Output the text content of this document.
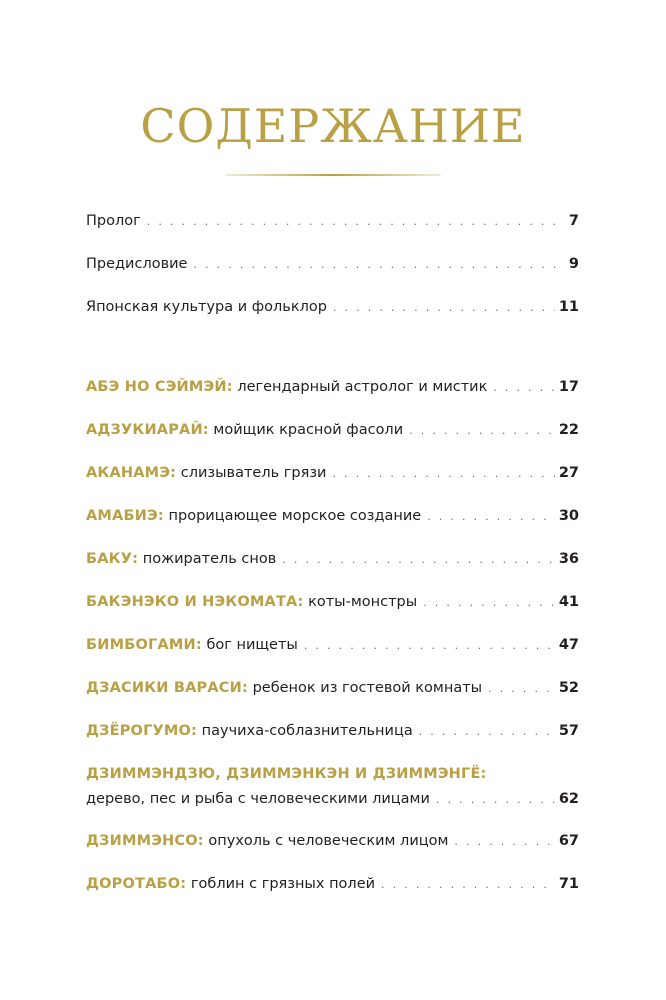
СОДЕРЖАНИЕ
Пролог . . .	7
Предисловие . . .	9
Японская культура и фольклор . . .	11
АБЭ НО СЭЙМЭЙ: легендарный астролог и мистик . . .	17
АДЗУКИАРАЙ: мойщик красной фасоли . . .	22
АКАНАМЭ: слизыватель грязи . . .	27
АМАБИЭ: прорицающее морское создание . . .	30
БАКУ: пожиратель снов . . .	36
БАКЭНЭКО И НЭКОМАТА: коты-монстры . . .	41
БИМБОГАМИ: бог нищеты . . .	47
ДЗАСИКИ ВАРАСИ: ребенок из гостевой комнаты . . .	52
ДЗЁРОГУМО: паучиха-соблазнительница . . .	57
ДЗИММЭНДЗЮ, ДЗИММЭНКЭН И ДЗИММЭНГЁ:
дерево, пес и рыба с человеческими лицами . . .	62
ДЗИММЭНСО: опухоль с человеческим лицом . . .	67
ДОРОТАБО: гоблин с грязных полей . . .	71
